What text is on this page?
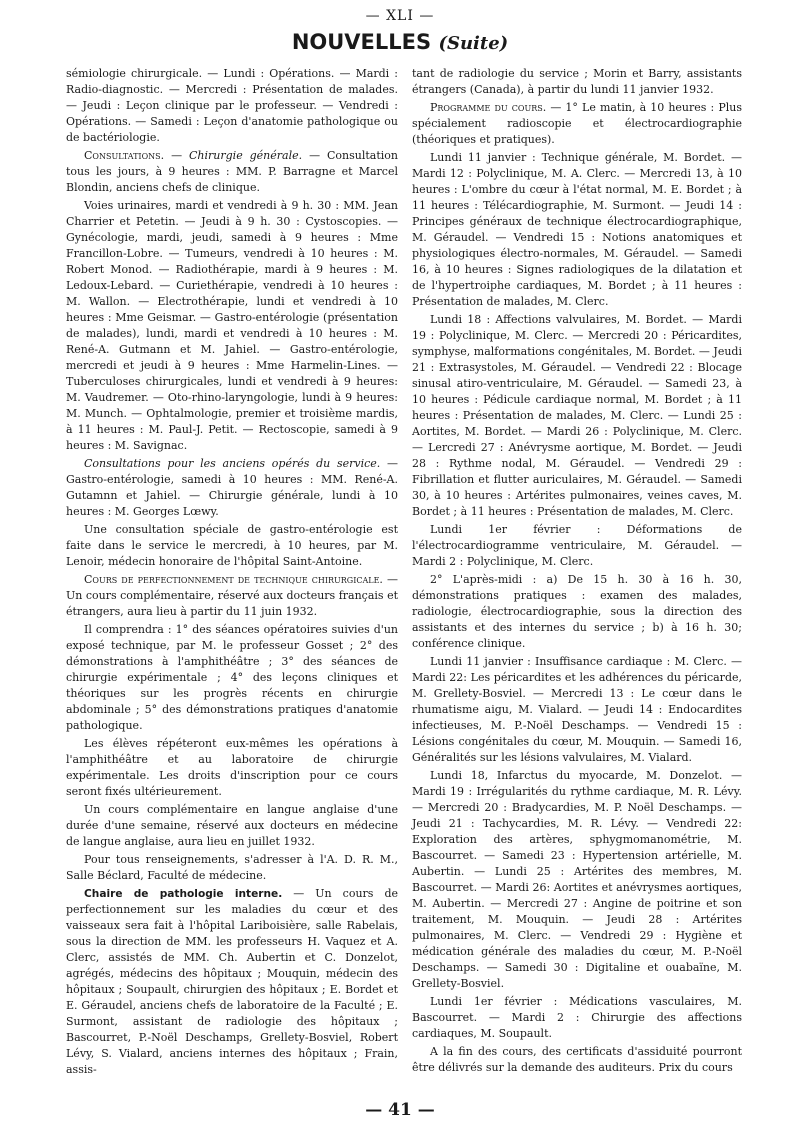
— XLI —
NOUVELLES (Suite)

sémiologie chirurgicale. — Lundi : Opérations. — Mardi : Radio-diagnostic. — Mercredi : Présentation de malades. — Jeudi : Leçon clinique par le professeur. — Vendredi : Opérations. — Samedi : Leçon d'anatomie pathologique ou de bactériologie.

Consultations. — Chirurgie générale. — Consultation tous les jours, à 9 heures : MM. P. Barragne et Marcel Blondin, anciens chefs de clinique.

Voies urinaires, mardi et vendredi à 9 h. 30 : MM. Jean Charrier et Petetin. — Jeudi à 9 h. 30 : Cystoscopies. — Gynécologie, mardi, jeudi, samedi à 9 heures : Mme Francillon-Lobre. — Tumeurs, vendredi à 10 heures : M. Robert Monod. — Radiothérapie, mardi à 9 heures : M. Ledoux-Lebard. — Curiethérapie, vendredi à 10 heures : M. Wallon. — Electrothérapie, lundi et vendredi à 10 heures : Mme Geismar. — Gastro-entérologie (présentation de malades), lundi, mardi et vendredi à 10 heures : M. René-A. Gutmann et M. Jahiel. — Gastro-entérologie, mercredi et jeudi à 9 heures : Mme Harmelin-Lines. — Tuberculoses chirurgicales, lundi et vendredi à 9 heures: M. Vaudremer. — Oto-rhino-laryngologie, lundi à 9 heures: M. Munch. — Ophtalmologie, premier et troisième mardis, à 11 heures : M. Paul-J. Petit. — Rectoscopie, samedi à 9 heures : M. Savignac.

Consultations pour les anciens opérés du service. — Gastro-entérologie, samedi à 10 heures : MM. René-A. Gutamnn et Jahiel. — Chirurgie générale, lundi à 10 heures : M. Georges Lœwy.

Une consultation spéciale de gastro-entérologie est faite dans le service le mercredi, à 10 heures, par M. Lenoir, médecin honoraire de l'hôpital Saint-Antoine.

Cours de perfectionnement de technique chirurgicale. — Un cours complémentaire, réservé aux docteurs français et étrangers, aura lieu à partir du 11 juin 1932.

Il comprendra : 1° des séances opératoires suivies d'un exposé technique, par M. le professeur Gosset ; 2° des démonstrations à l'amphithéâtre ; 3° des séances de chirurgie expérimentale ; 4° des leçons cliniques et théoriques sur les progrès récents en chirurgie abdominale ; 5° des démonstrations pratiques d'anatomie pathologique.

Les élèves répéteront eux-mêmes les opérations à l'amphithéâtre et au laboratoire de chirurgie expérimentale. Les droits d'inscription pour ce cours seront fixés ultérieurement.

Un cours complémentaire en langue anglaise d'une durée d'une semaine, réservé aux docteurs en médecine de langue anglaise, aura lieu en juillet 1932.

Pour tous renseignements, s'adresser à l'A. D. R. M., Salle Béclard, Faculté de médecine.

Chaire de pathologie interne. — Un cours de perfectionnement sur les maladies du cœur et des vaisseaux sera fait à l'hôpital Lariboisière, salle Rabelais, sous la direction de MM. les professeurs H. Vaquez et A. Clerc, assistés de MM. Ch. Aubertin et C. Donzelot, agrégés, médecins des hôpitaux ; Mouquin, médecin des hôpitaux ; Soupault, chirurgien des hôpitaux ; E. Bordet et E. Géraudel, anciens chefs de laboratoire de la Faculté ; E. Surmont, assistant de radiologie des hôpitaux ; Bascourret, P.-Noël Deschamps, Grellety-Bosviel, Robert Lévy, S. Vialard, anciens internes des hôpitaux ; Frain, assis-

tant de radiologie du service ; Morin et Barry, assistants étrangers (Canada), à partir du lundi 11 janvier 1932.

Programme du cours. — 1° Le matin, à 10 heures : Plus spécialement radioscopie et électrocardiographie (théoriques et pratiques).

Lundi 11 janvier : Technique générale, M. Bordet. — Mardi 12 : Polyclinique, M. A. Clerc. — Mercredi 13, à 10 heures : L'ombre du cœur à l'état normal, M. E. Bordet ; à 11 heures : Télécardiographie, M. Surmont. — Jeudi 14 : Principes généraux de technique électrocardiographique, M. Géraudel. — Vendredi 15 : Notions anatomiques et physiologiques électro-normales, M. Géraudel. — Samedi 16, à 10 heures : Signes radiologiques de la dilatation et de l'hypertroiphe cardiaques, M. Bordet ; à 11 heures : Présentation de malades, M. Clerc.

Lundi 18 : Affections valvulaires, M. Bordet. — Mardi 19 : Polyclinique, M. Clerc. — Mercredi 20 : Péricardites, symphyse, malformations congénitales, M. Bordet. — Jeudi 21 : Extrasystoles, M. Géraudel. — Vendredi 22 : Blocage sinusal atiro-ventriculaire, M. Géraudel. — Samedi 23, à 10 heures : Pédicule cardiaque normal, M. Bordet ; à 11 heures : Présentation de malades, M. Clerc. — Lundi 25 : Aortites, M. Bordet. — Mardi 26 : Polyclinique, M. Clerc. — Lercredi 27 : Anévrysme aortique, M. Bordet. — Jeudi 28 : Rythme nodal, M. Géraudel. — Vendredi 29 : Fibrillation et flutter auriculaires, M. Géraudel. — Samedi 30, à 10 heures : Artérites pulmonaires, veines caves, M. Bordet ; à 11 heures : Présentation de malades, M. Clerc.

Lundi 1er février : Déformations de l'électrocardiogramme ventriculaire, M. Géraudel. — Mardi 2 : Polyclinique, M. Clerc.

2° L'après-midi : a) De 15 h. 30 à 16 h. 30, démonstrations pratiques : examen des malades, radiologie, électrocardiographie, sous la direction des assistants et des internes du service ; b) à 16 h. 30; conférence clinique.

Lundi 11 janvier : Insuffisance cardiaque : M. Clerc. — Mardi 22: Les péricardites et les adhérences du péricarde, M. Grellety-Bosviel. — Mercredi 13 : Le cœur dans le rhumatisme aigu, M. Vialard. — Jeudi 14 : Endocardites infectieuses, M. P.-Noël Deschamps. — Vendredi 15 : Lésions congénitales du cœur, M. Mouquin. — Samedi 16, Généralités sur les lésions valvulaires, M. Vialard.

Lundi 18, Infarctus du myocarde, M. Donzelot. — Mardi 19 : Irrégularités du rythme cardiaque, M. R. Lévy. — Mercredi 20 : Bradycardies, M. P. Noël Deschamps. — Jeudi 21 : Tachycardies, M. R. Lévy. — Vendredi 22: Exploration des artères, sphygmomanométrie, M. Bascourret. — Samedi 23 : Hypertension artérielle, M. Aubertin. — Lundi 25 : Artérites des membres, M. Bascourret. — Mardi 26: Aortites et anévrysmes aortiques, M. Aubertin. — Mercredi 27 : Angine de poitrine et son traitement, M. Mouquin. — Jeudi 28 : Artérites pulmonaires, M. Clerc. — Vendredi 29 : Hygiène et médication générale des maladies du cœur, M. P.-Noël Deschamps. — Samedi 30 : Digitaline et ouabaïne, M. Grellety-Bosviel.

Lundi 1er février : Médications vasculaires, M. Bascourret. — Mardi 2 : Chirurgie des affections cardiaques, M. Soupault.

A la fin des cours, des certificats d'assiduité pourront être délivrés sur la demande des auditeurs. Prix du cours

— 41 —
